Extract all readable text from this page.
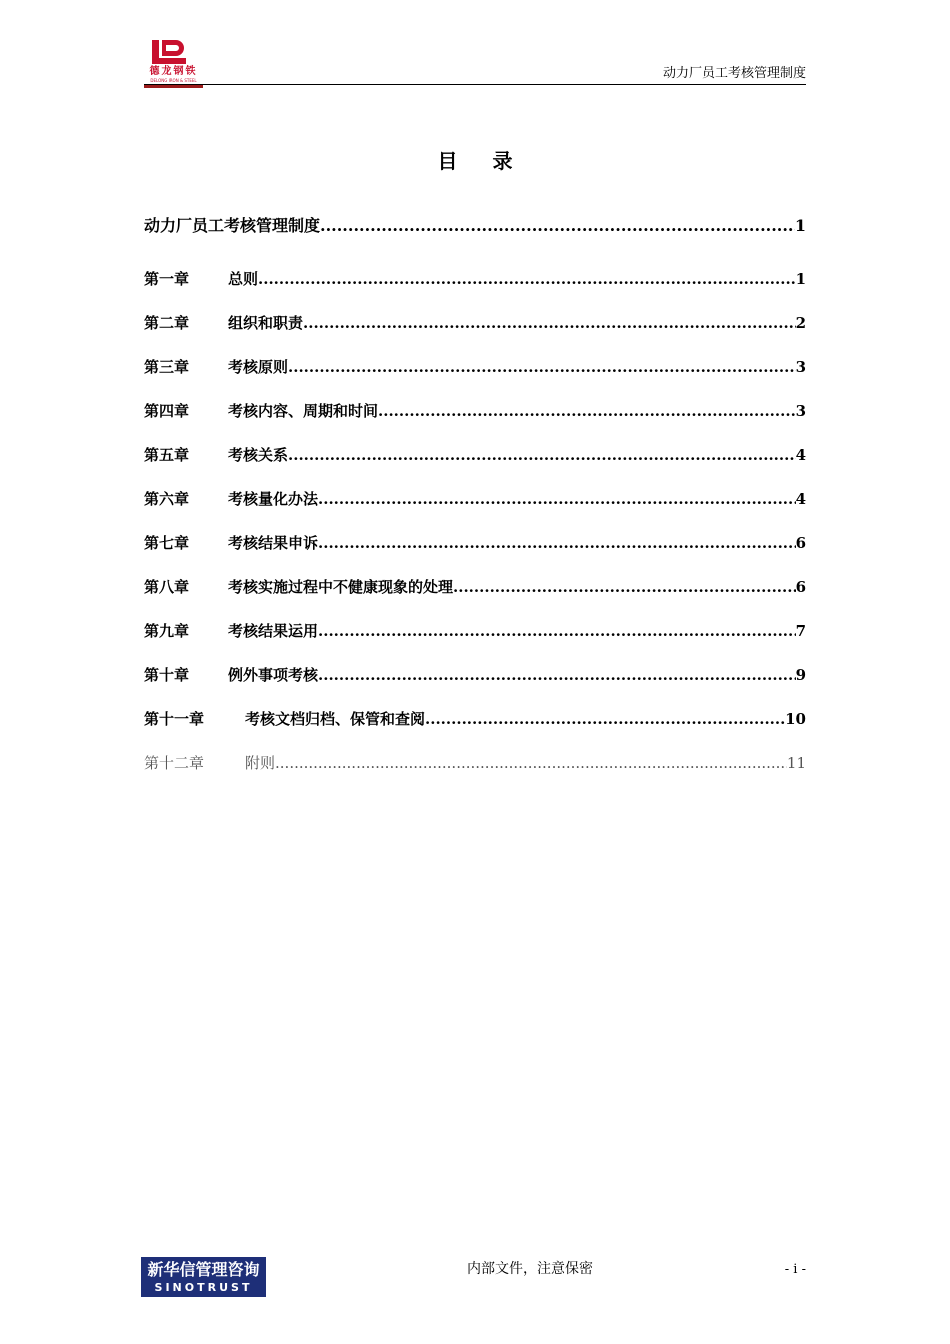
德龙钢铁
DELONG IRON & STEEL	动力厂员工考核管理制度
目 录
动力厂员工考核管理制度 .....	1
第一章	总则 .....	1
第二章	组织和职责 .....	2
第三章	考核原则 .....	3
第四章	考核内容、周期和时间 .....	3
第五章	考核关系 .....	4
第六章	考核量化办法 .....	4
第七章	考核结果申诉 .....	6
第八章	考核实施过程中不健康现象的处理 .....	6
第九章	考核结果运用 .....	7
第十章	例外事项考核 .....	9
第十一章	考核文档归档、保管和查阅 .....	10
第十二章	附则 .....	11
新华信管理咨询
SINOTRUST
内部文件，注意保密	- i -
